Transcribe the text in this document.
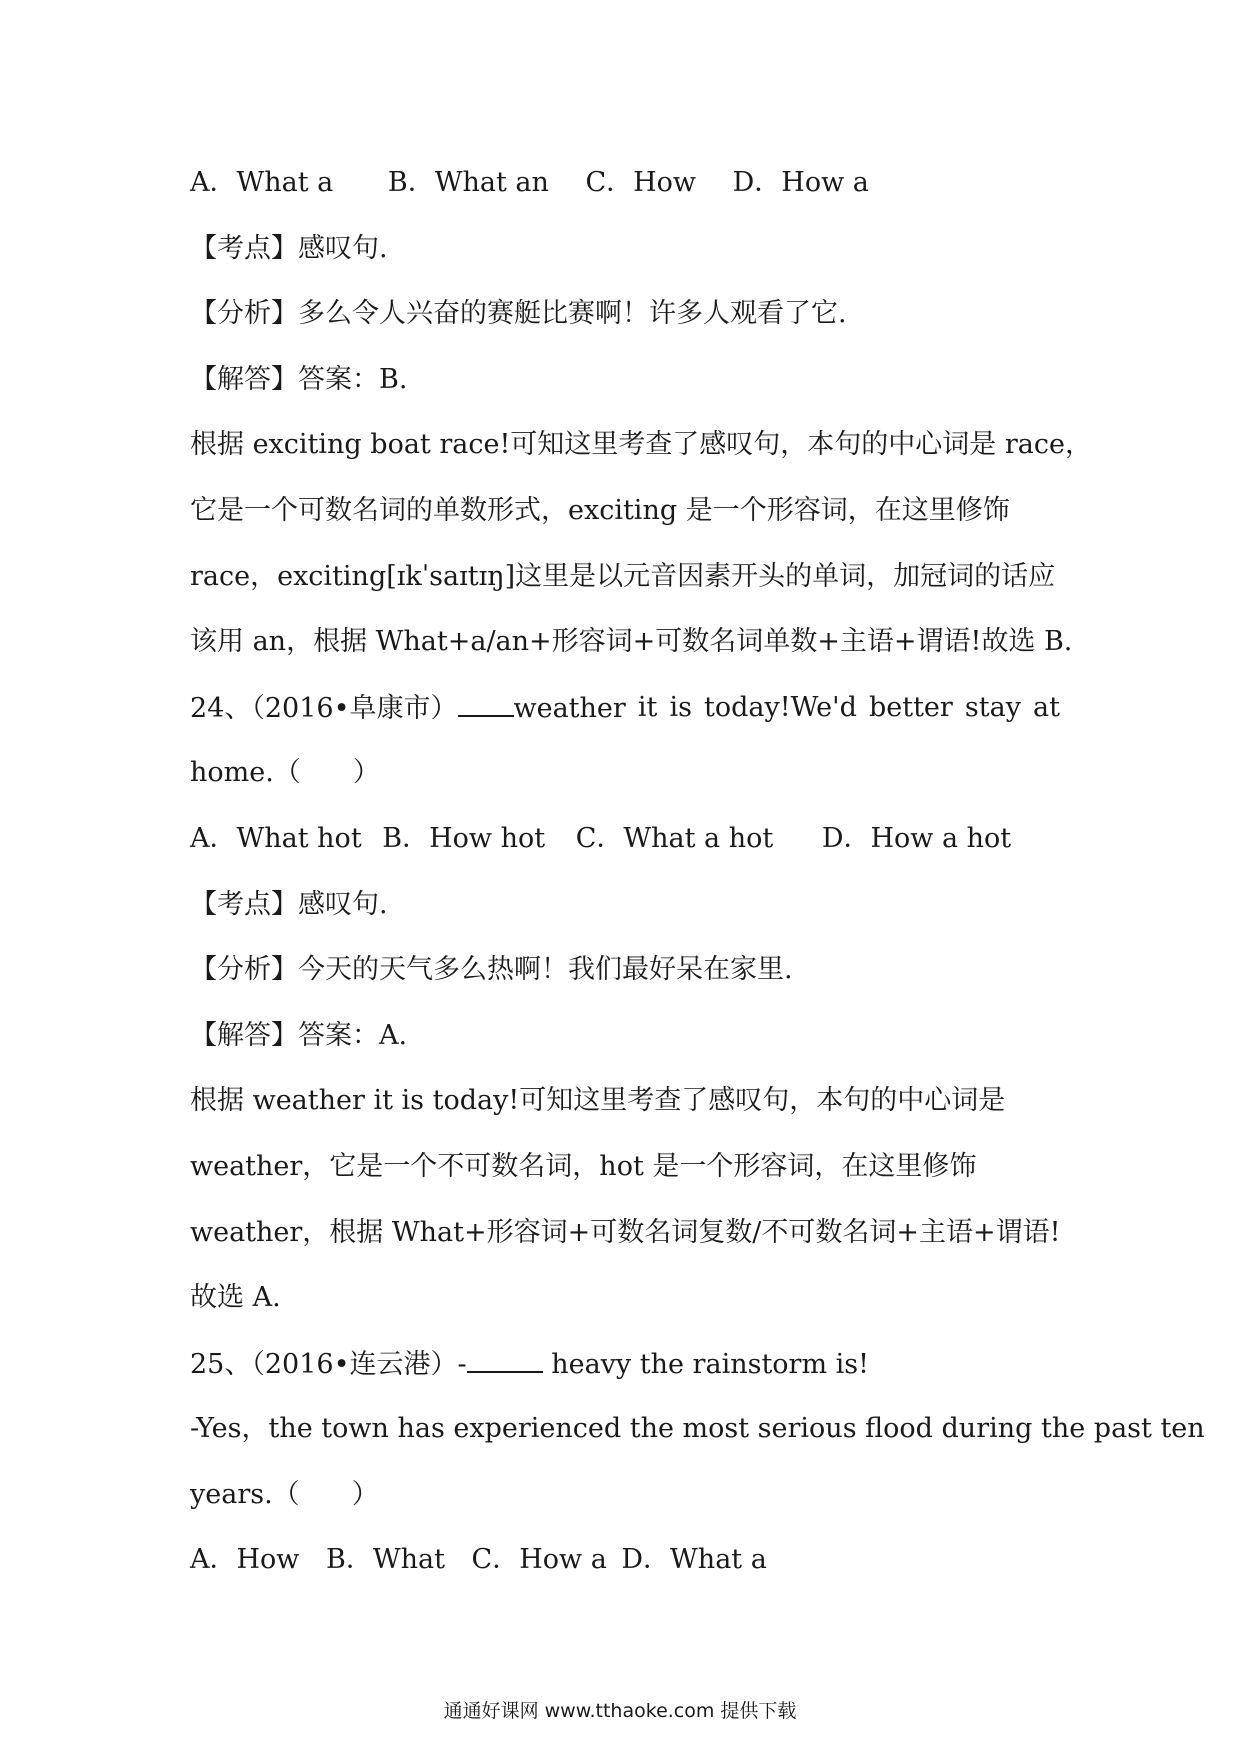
A．What a B．What an C．How D．How a
【考点】感叹句.
【分析】多么令人兴奋的赛艇比赛啊！许多人观看了它.
【解答】答案：B.
根据 exciting boat race!可知这里考查了感叹句，本句的中心词是 race，
它是一个可数名词的单数形式，exciting 是一个形容词，在这里修饰
race，exciting[ɪkˈsaɪtɪŋ]这里是以元音因素开头的单词，加冠词的话应
该用 an，根据 What+a/an+形容词+可数名词单数+主语+谓语!故选 B.
24、（2016•阜康市） weather it is today!We'd better stay at
home.（ ）
A．What hot B．How hot C．What a hot D．How a hot
【考点】感叹句.
【分析】今天的天气多么热啊！我们最好呆在家里.
【解答】答案：A.
根据 weather it is today!可知这里考查了感叹句，本句的中心词是
weather，它是一个不可数名词，hot 是一个形容词，在这里修饰
weather，根据 What+形容词+可数名词复数/不可数名词+主语+谓语!
故选 A.
25、（2016•连云港）-	heavy the rainstorm is!
-Yes，the town has experienced the most serious flood during the past ten
years.（ ）
A．How B．What C．How a D．What a
通通好课网 www.tthaoke.com 提供下载
